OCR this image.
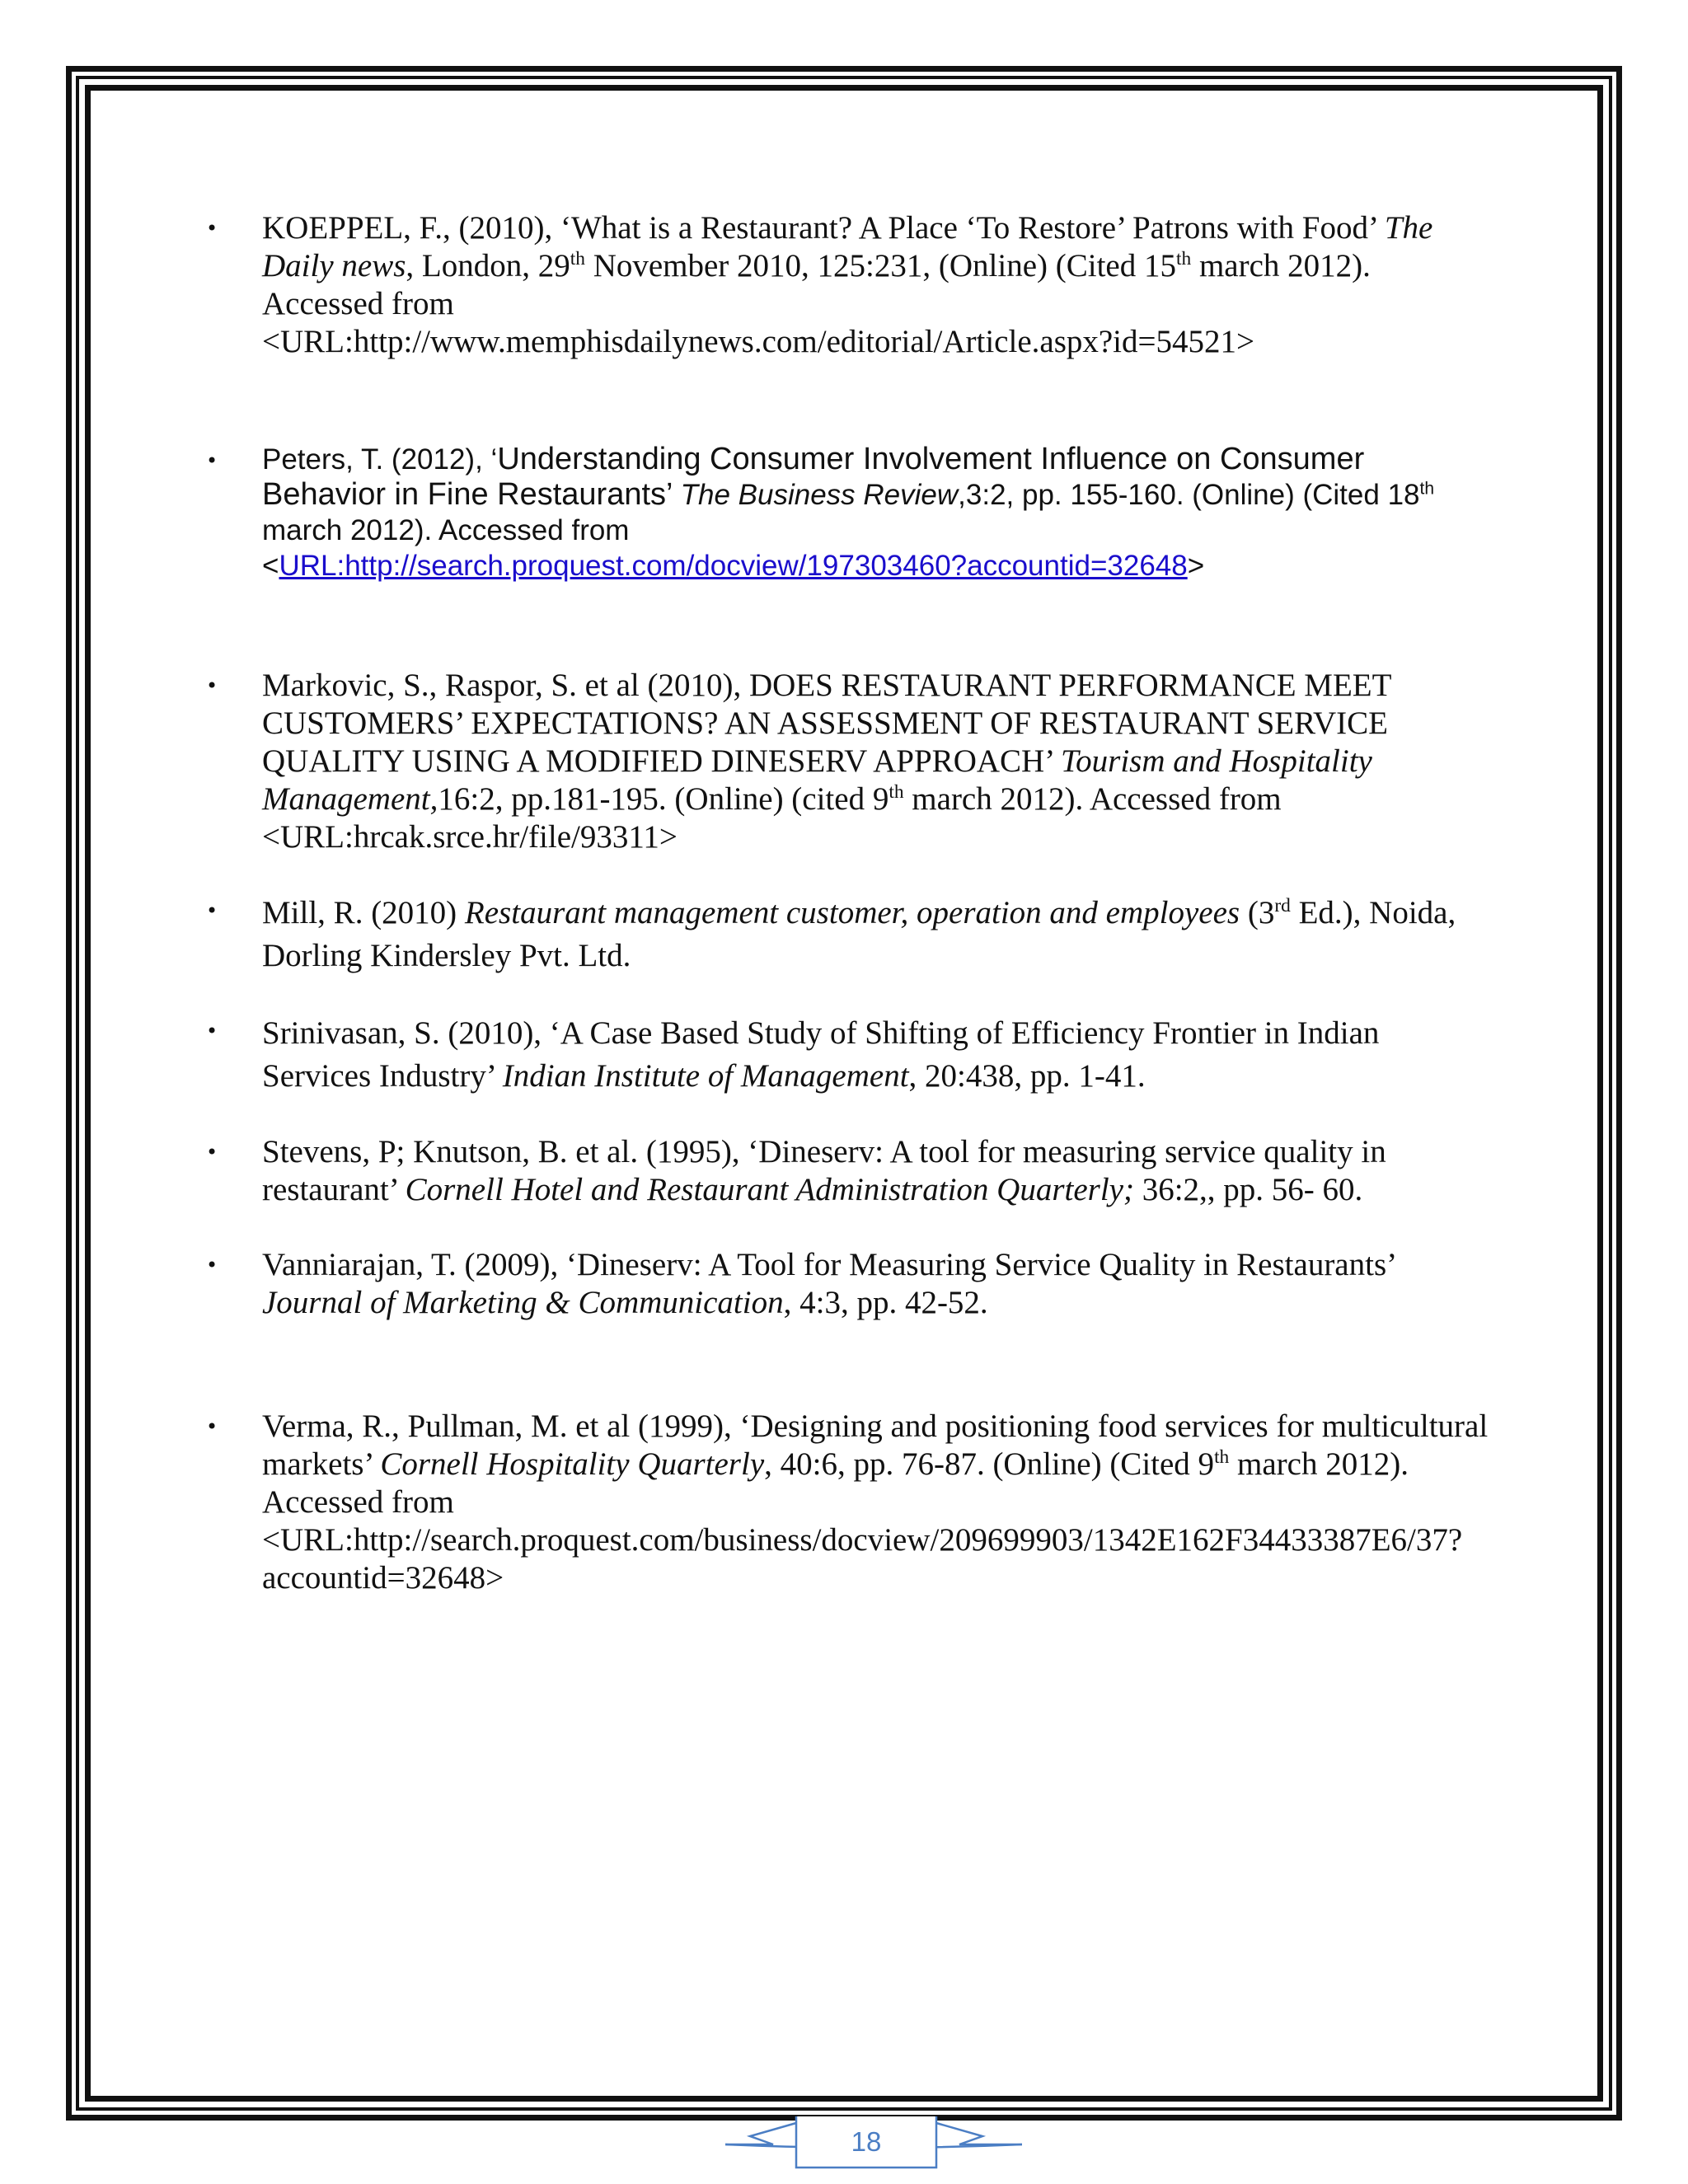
• KOEPPEL, F., (2010), ‘What is a Restaurant? A Place ‘To Restore’ Patrons with Food’ The Daily news, London, 29th November 2010, 125:231, (Online) (Cited 15th march 2012). Accessed from
<URL:http://www.memphisdailynews.com/editorial/Article.aspx?id=54521>
• Peters, T. (2012), ‘Understanding Consumer Involvement Influence on Consumer Behavior in Fine Restaurants’ The Business Review,3:2, pp. 155-160. (Online) (Cited 18th march 2012). Accessed from
<URL:http://search.proquest.com/docview/197303460?accountid=32648>
• Markovic, S., Raspor, S. et al (2010), DOES RESTAURANT PERFORMANCE MEET CUSTOMERS’ EXPECTATIONS? AN ASSESSMENT OF RESTAURANT SERVICE QUALITY USING A MODIFIED DINESERV APPROACH’ Tourism and Hospitality Management,16:2, pp.181-195. (Online) (cited 9th march 2012). Accessed from <URL:hrcak.srce.hr/file/93311>
• Mill, R. (2010) Restaurant management customer, operation and employees (3rd Ed.), Noida, Dorling Kindersley Pvt. Ltd.
• Srinivasan, S. (2010), ‘A Case Based Study of Shifting of Efficiency Frontier in Indian Services Industry’ Indian Institute of Management, 20:438, pp. 1-41.
• Stevens, P; Knutson, B. et al. (1995), ‘Dineserv: A tool for measuring service quality in restaurant’ Cornell Hotel and Restaurant Administration Quarterly; 36:2,, pp. 56- 60.
• Vanniarajan, T. (2009), ‘Dineserv: A Tool for Measuring Service Quality in Restaurants’ Journal of Marketing & Communication, 4:3, pp. 42-52.
• Verma, R., Pullman, M. et al (1999), ‘Designing and positioning food services for multicultural markets’ Cornell Hospitality Quarterly, 40:6, pp. 76-87. (Online) (Cited 9th march 2012). Accessed from
<URL:http://search.proquest.com/business/docview/209699903/1342E162F34433387E6/37?accountid=32648>
18
